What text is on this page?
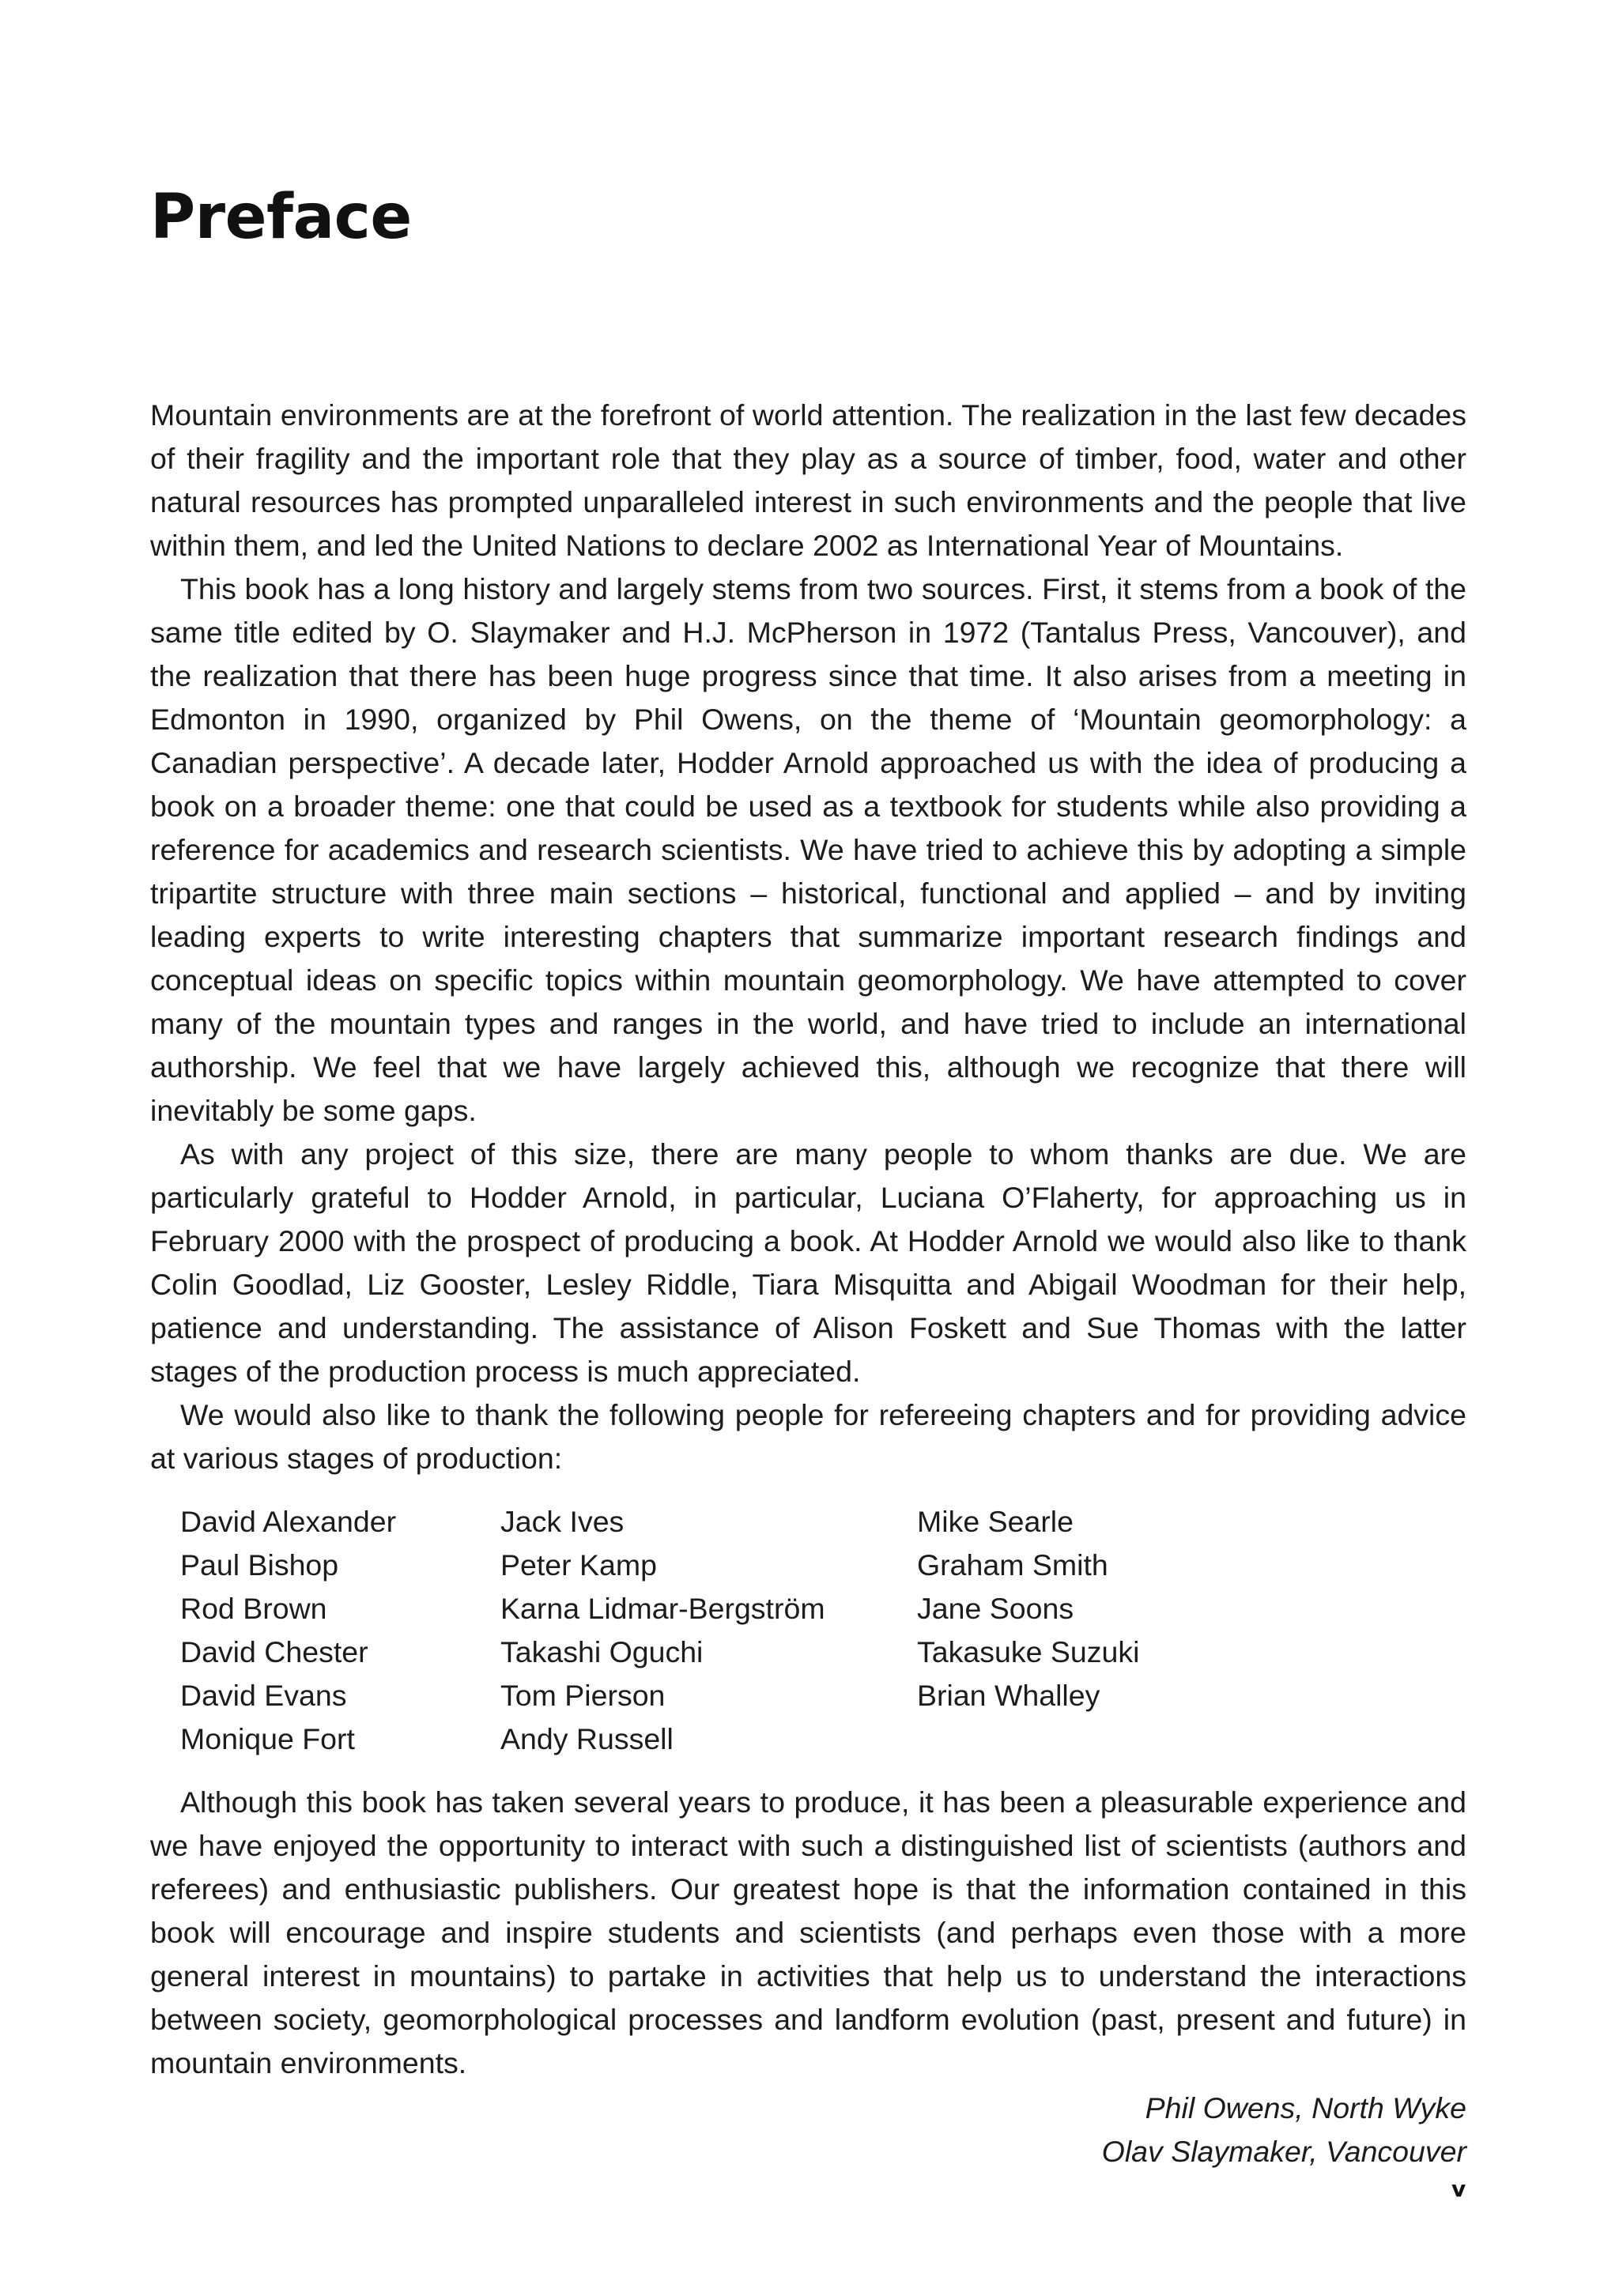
Preface

Mountain environments are at the forefront of world attention. The realization in the last few decades of their fragility and the important role that they play as a source of timber, food, water and other natural resources has prompted unparalleled interest in such environments and the people that live within them, and led the United Nations to declare 2002 as International Year of Mountains.

This book has a long history and largely stems from two sources. First, it stems from a book of the same title edited by O. Slaymaker and H.J. McPherson in 1972 (Tantalus Press, Vancouver), and the realization that there has been huge progress since that time. It also arises from a meeting in Edmonton in 1990, organized by Phil Owens, on the theme of ‘Mountain geomorphology: a Canadian perspective’. A decade later, Hodder Arnold approached us with the idea of producing a book on a broader theme: one that could be used as a textbook for students while also providing a reference for academics and research scientists. We have tried to achieve this by adopting a simple tripartite structure with three main sections – historical, functional and applied – and by inviting leading experts to write interesting chapters that summarize important research findings and conceptual ideas on specific topics within mountain geomorphology. We have attempted to cover many of the mountain types and ranges in the world, and have tried to include an international authorship. We feel that we have largely achieved this, although we recognize that there will inevitably be some gaps.

As with any project of this size, there are many people to whom thanks are due. We are particularly grateful to Hodder Arnold, in particular, Luciana O’Flaherty, for approaching us in February 2000 with the prospect of producing a book. At Hodder Arnold we would also like to thank Colin Goodlad, Liz Gooster, Lesley Riddle, Tiara Misquitta and Abigail Woodman for their help, patience and understanding. The assistance of Alison Foskett and Sue Thomas with the latter stages of the production process is much appreciated.

We would also like to thank the following people for refereeing chapters and for providing advice at various stages of production:

David Alexander
Paul Bishop
Rod Brown
David Chester
David Evans
Monique Fort
Jack Ives
Peter Kamp
Karna Lidmar-Bergström
Takashi Oguchi
Tom Pierson
Andy Russell
Mike Searle
Graham Smith
Jane Soons
Takasuke Suzuki
Brian Whalley

Although this book has taken several years to produce, it has been a pleasurable experience and we have enjoyed the opportunity to interact with such a distinguished list of scientists (authors and referees) and enthusiastic publishers. Our greatest hope is that the information contained in this book will encourage and inspire students and scientists (and perhaps even those with a more general interest in mountains) to partake in activities that help us to understand the interactions between society, geomorphological processes and landform evolution (past, present and future) in mountain environments.

Phil Owens, North Wyke
Olav Slaymaker, Vancouver
v
